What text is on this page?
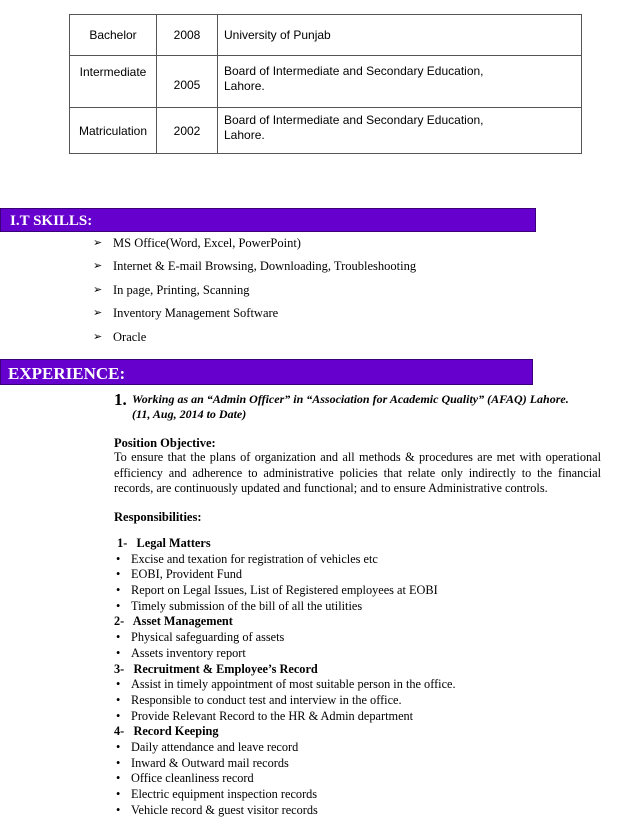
Bachelor	2008	University of Punjab
Intermediate	2005	Board of Intermediate and Secondary Education,
Lahore.
Matriculation	2002	Board of Intermediate and Secondary Education,
Lahore.
I.T SKILLS:
➢ MS Office(Word, Excel, PowerPoint)
➢ Internet & E-mail Browsing, Downloading, Troubleshooting
➢ In page, Printing, Scanning
➢ Inventory Management Software
➢ Oracle
EXPERIENCE:
1. Working as an “Admin Officer” in “Association for Academic Quality” (AFAQ) Lahore.
(11, Aug, 2014 to Date)
Position Objective:
To ensure that the plans of organization and all methods & procedures are met with operational efficiency and adherence to administrative policies that relate only indirectly to the financial records, are continuously updated and functional; and to ensure Administrative controls.
Responsibilities:
1-   Legal Matters
• Excise and texation for registration of vehicles etc
• EOBI, Provident Fund
• Report on Legal Issues, List of Registered employees at EOBI
• Timely submission of the bill of all the utilities
2-   Asset Management
• Physical safeguarding of assets
• Assets inventory report
3-   Recruitment & Employee’s Record
• Assist in timely appointment of most suitable person in the office.
• Responsible to conduct test and interview in the office.
• Provide Relevant Record to the HR & Admin department
4-   Record Keeping
• Daily attendance and leave record
• Inward & Outward mail records
• Office cleanliness record
• Electric equipment inspection records
• Vehicle record & guest visitor records
